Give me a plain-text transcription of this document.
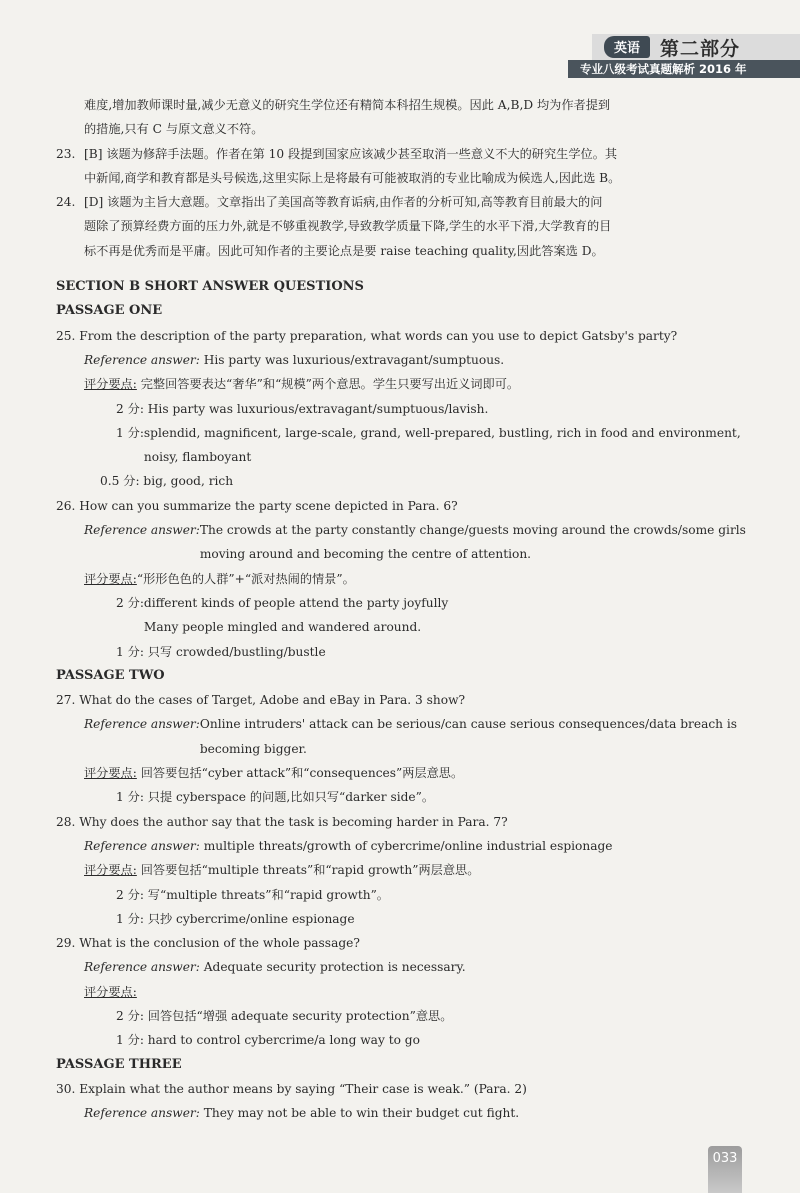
英语	第二部分
专业八级考试真题解析 2016 年
难度,增加教师课时量,减少无意义的研究生学位还有精简本科招生规模。因此 A,B,D 均为作者提到
的措施,只有 C 与原文意义不符。
23. [B] 该题为修辞手法题。作者在第 10 段提到国家应该减少甚至取消一些意义不大的研究生学位。其
中新闻,商学和教育都是头号候选,这里实际上是将最有可能被取消的专业比喻成为候选人,因此选 B。
24. [D] 该题为主旨大意题。文章指出了美国高等教育诟病,由作者的分析可知,高等教育目前最大的问
题除了预算经费方面的压力外,就是不够重视教学,导致教学质量下降,学生的水平下滑,大学教育的目
标不再是优秀而是平庸。因此可知作者的主要论点是要 raise teaching quality,因此答案选 D。
SECTION B SHORT ANSWER QUESTIONS
PASSAGE ONE
25. From the description of the party preparation, what words can you use to depict Gatsby's party?
Reference answer: His party was luxurious/extravagant/sumptuous.
评分要点: 完整回答要表达“奢华”和“规模”两个意思。学生只要写出近义词即可。
2 分: His party was luxurious/extravagant/sumptuous/lavish.
1 分: splendid, magnificent, large-scale, grand, well-prepared, bustling, rich in food and environment,
noisy, flamboyant
0.5 分: big, good, rich
26. How can you summarize the party scene depicted in Para. 6?
Reference answer: The crowds at the party constantly change/guests moving around the crowds/some girls
moving around and becoming the centre of attention.
评分要点:“形形色色的人群”+“派对热闹的情景”。
2 分: different kinds of people attend the party joyfully
Many people mingled and wandered around.
1 分: 只写 crowded/bustling/bustle
PASSAGE TWO
27. What do the cases of Target, Adobe and eBay in Para. 3 show?
Reference answer: Online intruders' attack can be serious/can cause serious consequences/data breach is
becoming bigger.
评分要点: 回答要包括“cyber attack”和“consequences”两层意思。
1 分: 只提 cyberspace 的问题,比如只写“darker side”。
28. Why does the author say that the task is becoming harder in Para. 7?
Reference answer: multiple threats/growth of cybercrime/online industrial espionage
评分要点: 回答要包括“multiple threats”和“rapid growth”两层意思。
2 分: 写“multiple threats”和“rapid growth”。
1 分: 只抄 cybercrime/online espionage
29. What is the conclusion of the whole passage?
Reference answer: Adequate security protection is necessary.
评分要点:
2 分: 回答包括“增强 adequate security protection”意思。
1 分: hard to control cybercrime/a long way to go
PASSAGE THREE
30. Explain what the author means by saying “Their case is weak.” (Para. 2)
Reference answer: They may not be able to win their budget cut fight.
033
